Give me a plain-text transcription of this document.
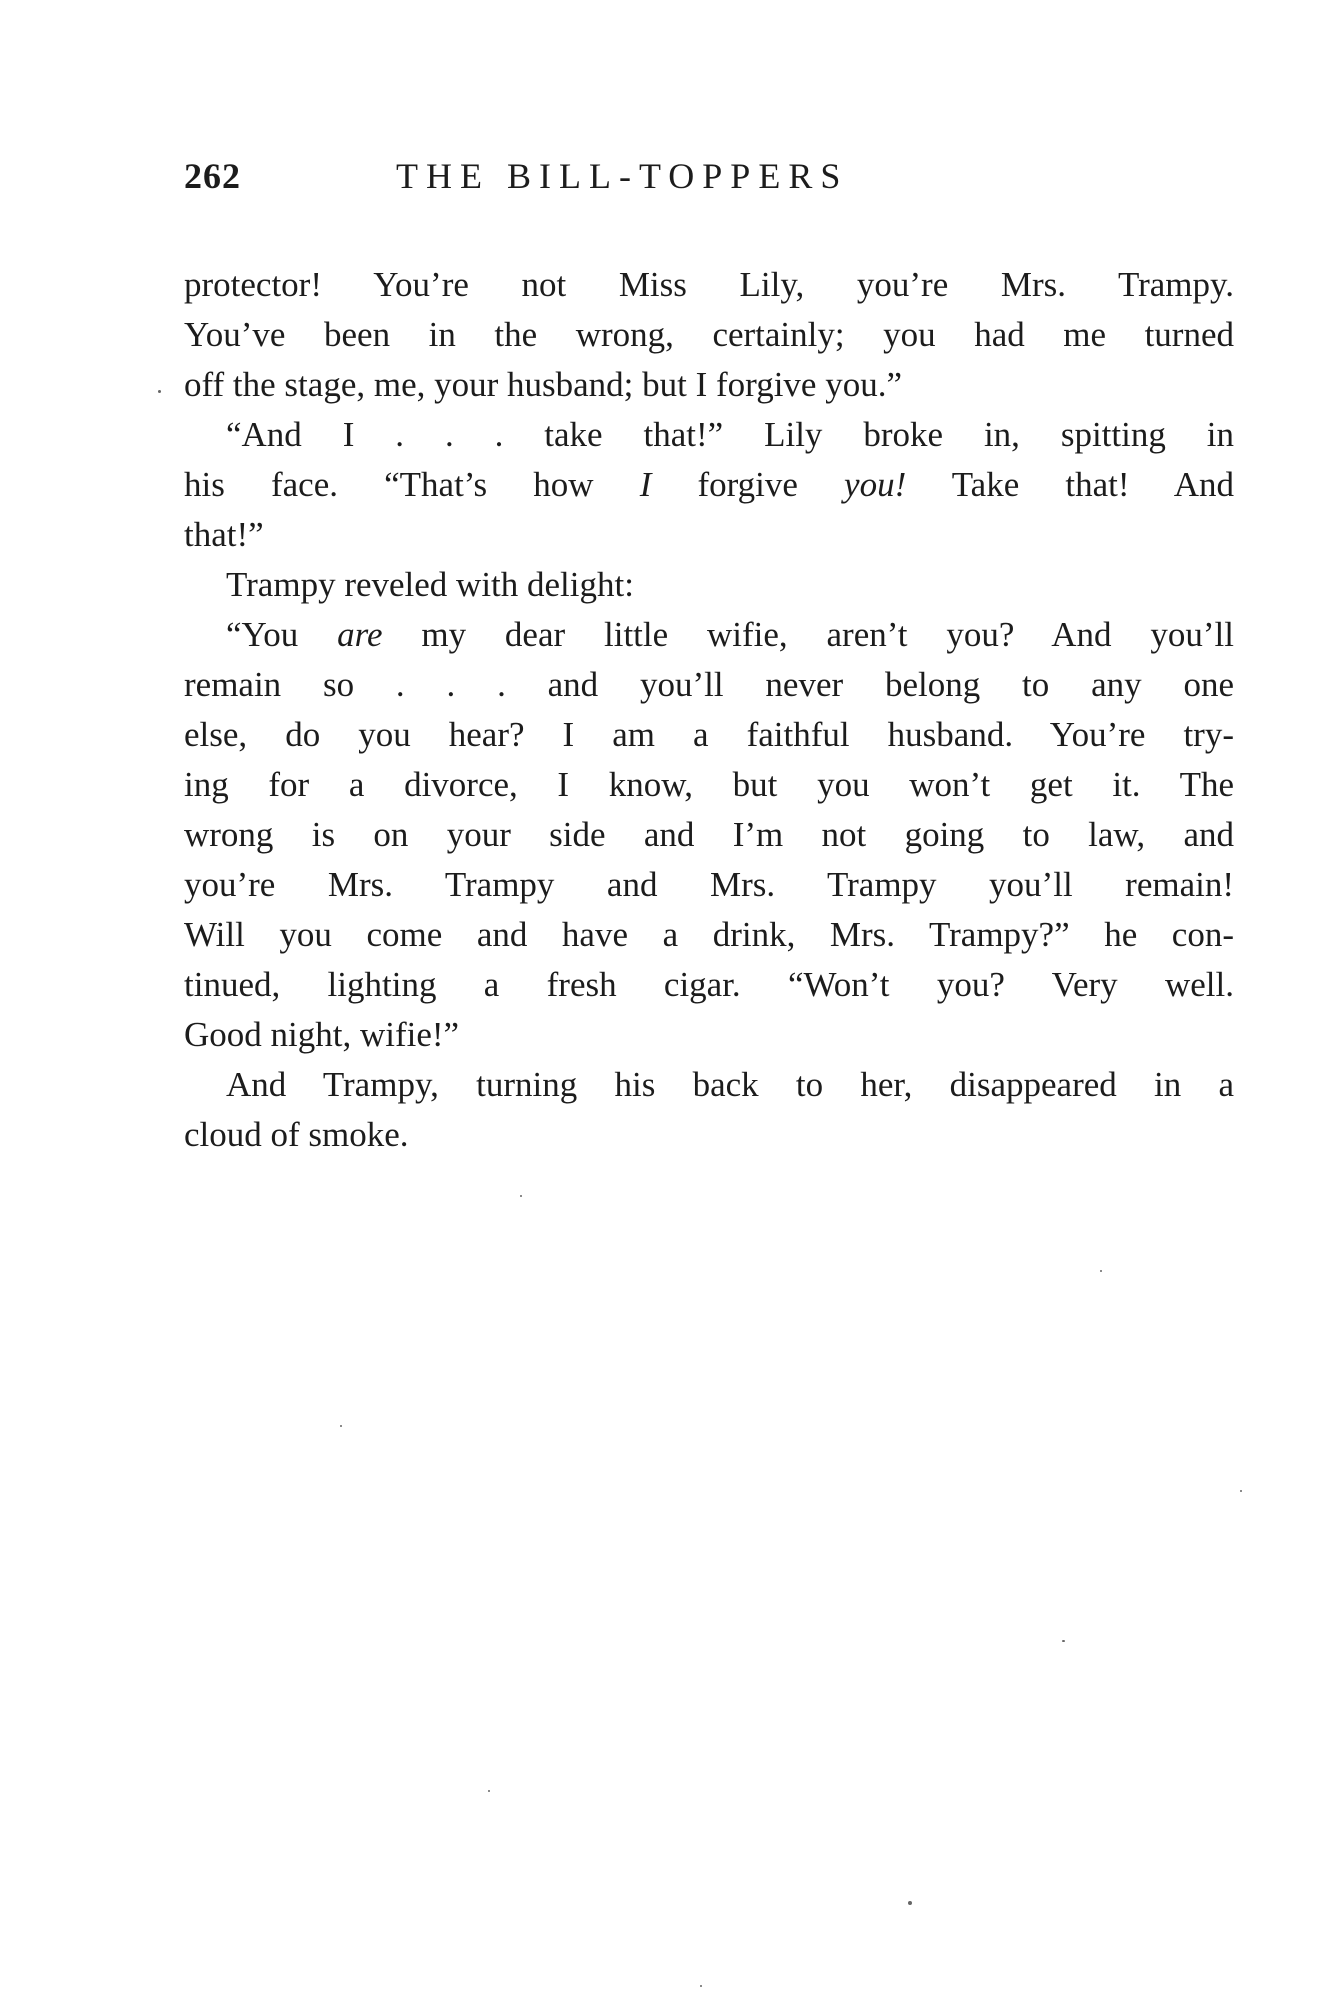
262	THE BILL-TOPPERS
protector! You’re not Miss Lily, you’re Mrs. Trampy.
You’ve been in the wrong, certainly; you had me turned
off the stage, me, your husband; but I forgive you.”
“And I . . . take that!” Lily broke in, spitting in
his face. “That’s how I forgive you! Take that! And
that!”
Trampy reveled with delight:
“You are my dear little wifie, aren’t you? And you’ll
remain so . . . and you’ll never belong to any one
else, do you hear? I am a faithful husband. You’re try-
ing for a divorce, I know, but you won’t get it. The
wrong is on your side and I’m not going to law, and
you’re Mrs. Trampy and Mrs. Trampy you’ll remain!
Will you come and have a drink, Mrs. Trampy?” he con-
tinued, lighting a fresh cigar. “Won’t you? Very well.
Good night, wifie!”
And Trampy, turning his back to her, disappeared in a
cloud of smoke.
